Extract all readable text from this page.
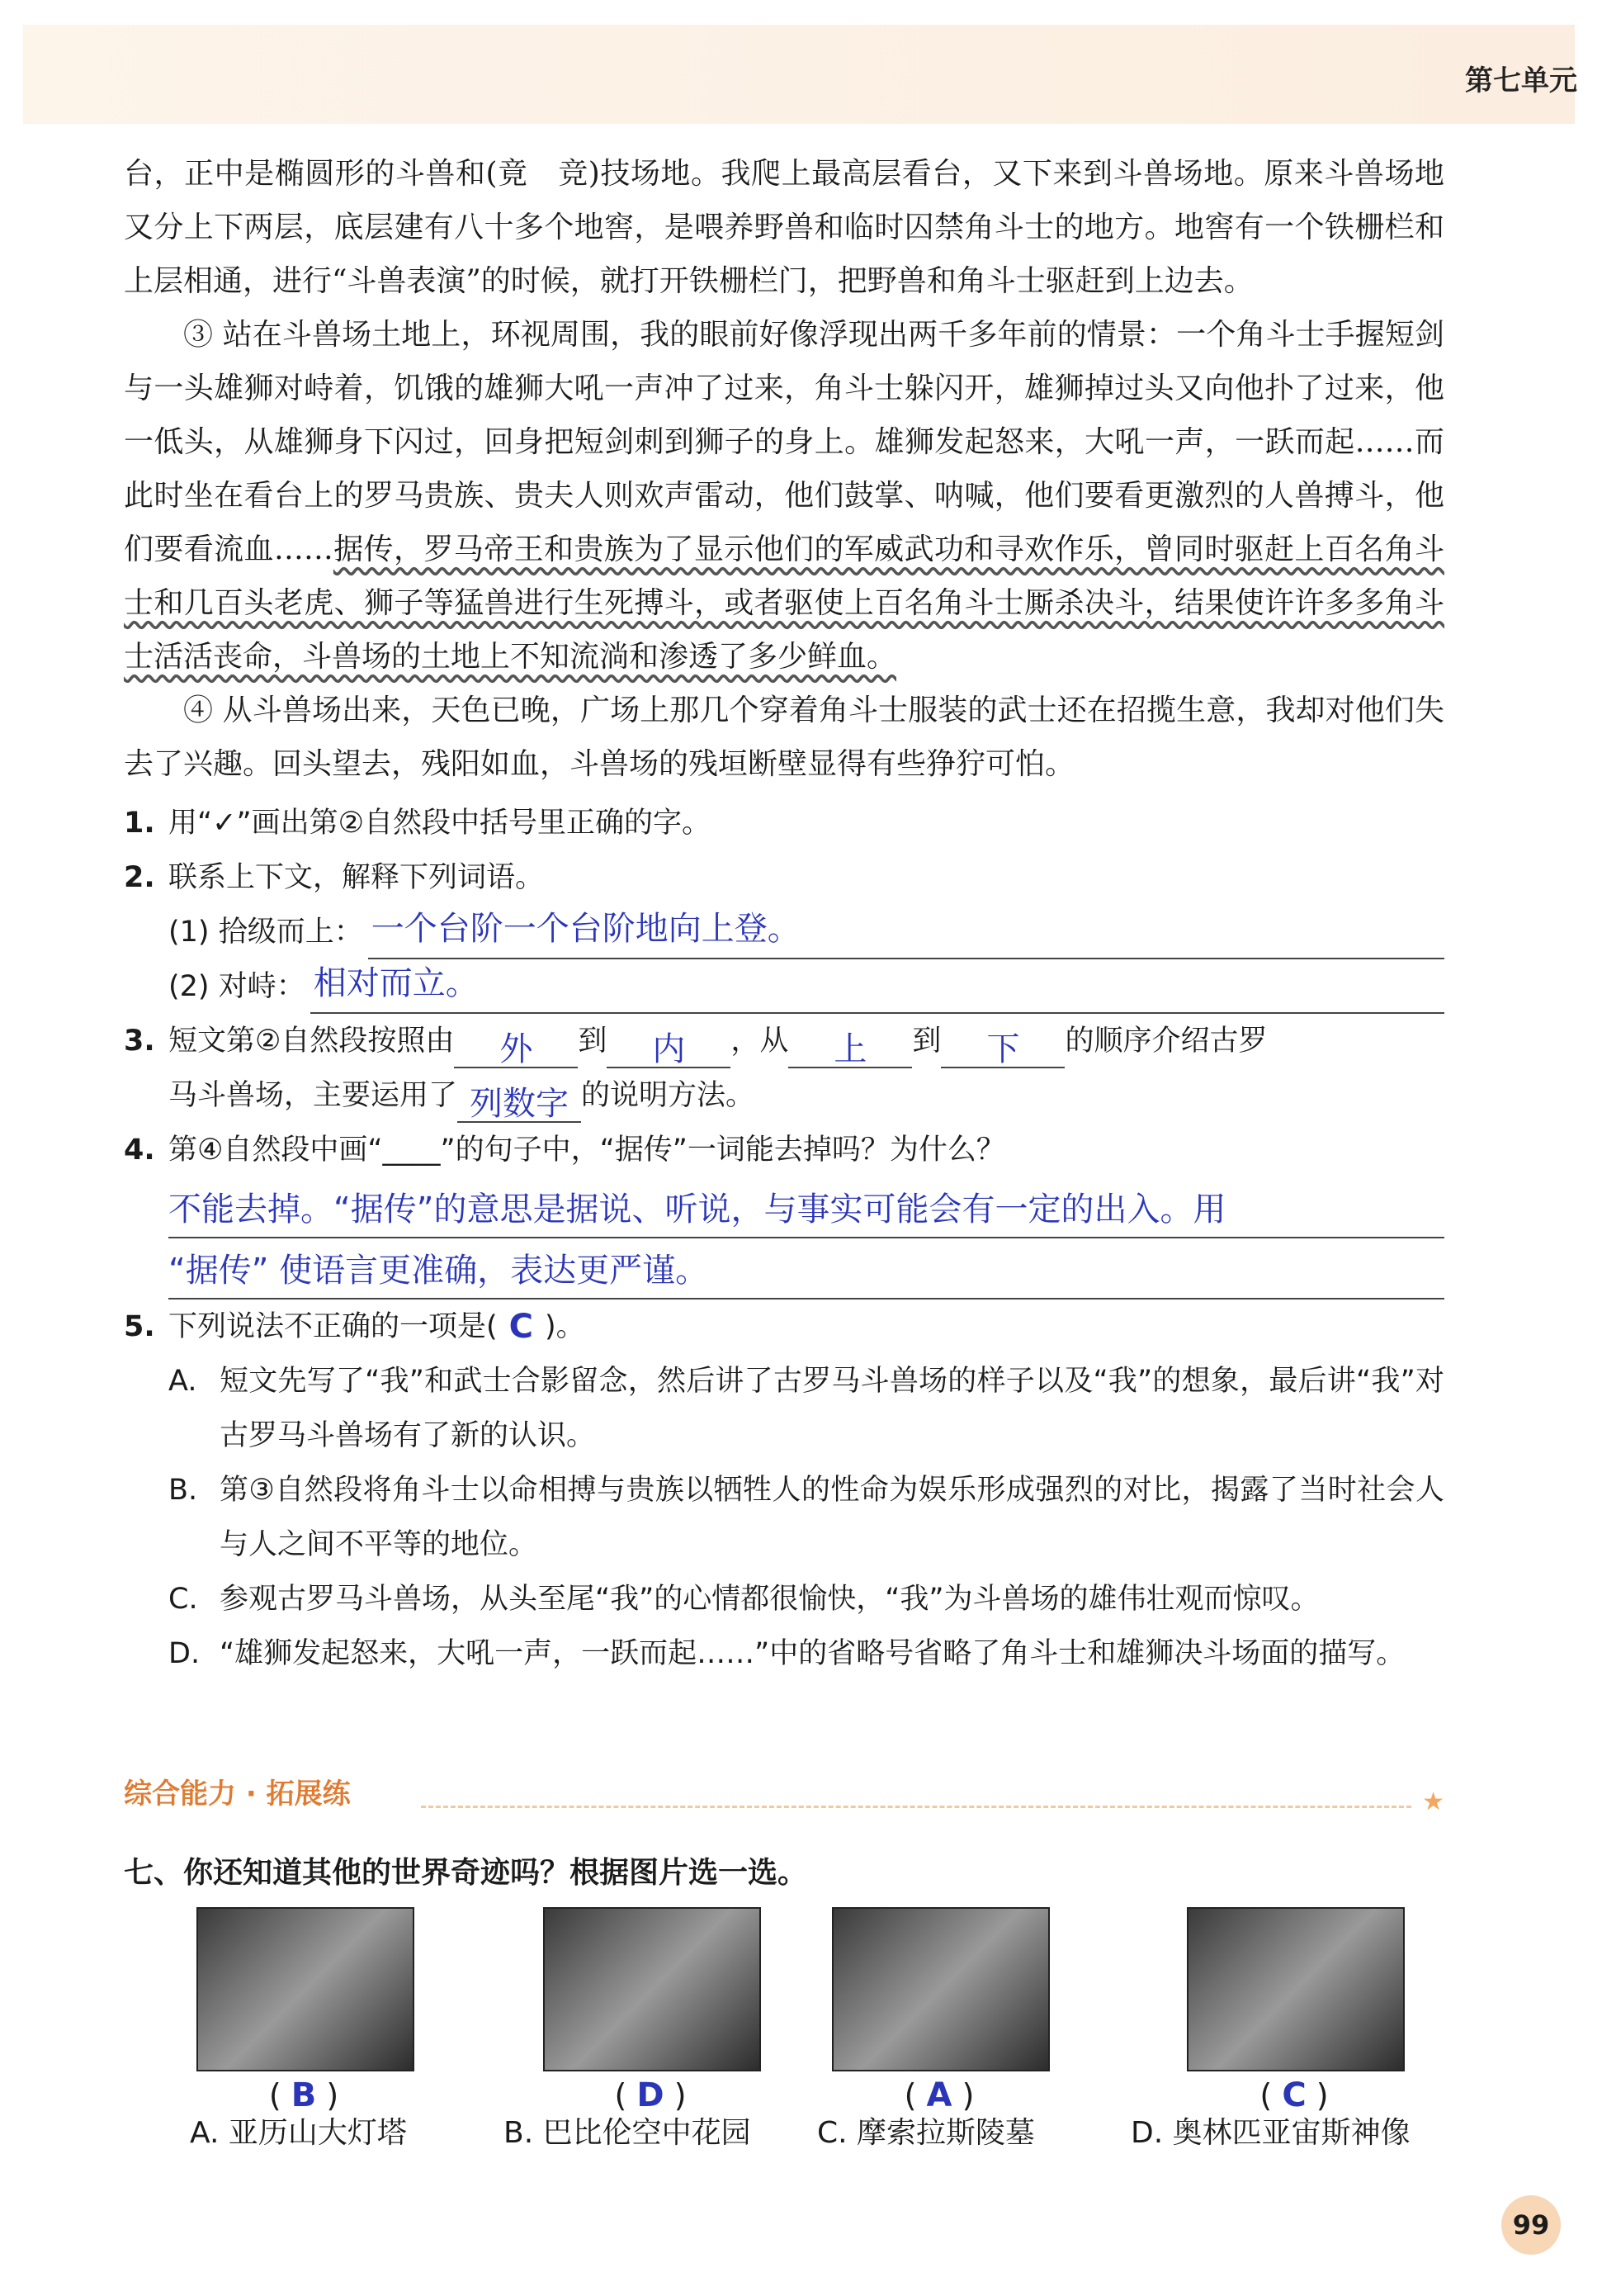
第七单元

台，正中是椭圆形的斗兽和(竟　竞)技场地。我爬上最高层看台，又下来到斗兽场地。原来斗兽场地又分上下两层，底层建有八十多个地窖，是喂养野兽和临时囚禁角斗士的地方。地窖有一个铁栅栏和上层相通，进行“斗兽表演”的时候，就打开铁栅栏门，把野兽和角斗士驱赶到上边去。

③ 站在斗兽场土地上，环视周围，我的眼前好像浮现出两千多年前的情景：一个角斗士手握短剑与一头雄狮对峙着，饥饿的雄狮大吼一声冲了过来，角斗士躲闪开，雄狮掉过头又向他扑了过来，他一低头，从雄狮身下闪过，回身把短剑刺到狮子的身上。雄狮发起怒来，大吼一声，一跃而起……而此时坐在看台上的罗马贵族、贵夫人则欢声雷动，他们鼓掌、呐喊，他们要看更激烈的人兽搏斗，他们要看流血……据传，罗马帝王和贵族为了显示他们的军威武功和寻欢作乐，曾同时驱赶上百名角斗士和几百头老虎、狮子等猛兽进行生死搏斗，或者驱使上百名角斗士厮杀决斗，结果使许许多多角斗士活活丧命，斗兽场的土地上不知流淌和渗透了多少鲜血。

④ 从斗兽场出来，天色已晚，广场上那几个穿着角斗士服装的武士还在招揽生意，我却对他们失去了兴趣。回头望去，残阳如血，斗兽场的残垣断壁显得有些狰狞可怕。

1. 用“✓”画出第②自然段中括号里正确的字。
2. 联系上下文，解释下列词语。
(1) 拾级而上： 一个台阶一个台阶地向上登。
(2) 对峙： 相对而立。
3. 短文第②自然段按照由 外 到 内 ，从 上 到 下 的顺序介绍古罗
马斗兽场，主要运用了 列数字 的说明方法。
4. 第④自然段中画“____”的句子中，“据传”一词能去掉吗？为什么？
不能去掉。“据传”的意思是据说、听说，与事实可能会有一定的出入。用
“据传” 使语言更准确，表达更严谨。
5. 下列说法不正确的一项是( C )。
A. 短文先写了“我”和武士合影留念，然后讲了古罗马斗兽场的样子以及“我”的想象，最后讲“我”对古罗马斗兽场有了新的认识。
B. 第③自然段将角斗士以命相搏与贵族以牺牲人的性命为娱乐形成强烈的对比，揭露了当时社会人与人之间不平等的地位。
C. 参观古罗马斗兽场，从头至尾“我”的心情都很愉快，“我”为斗兽场的雄伟壮观而惊叹。
D. “雄狮发起怒来，大吼一声，一跃而起……”中的省略号省略了角斗士和雄狮决斗场面的描写。
综合能力 · 拓展练	★
七、你还知道其他的世界奇迹吗？根据图片选一选。
( B )	( D )	( A )	( C )
A. 亚历山大灯塔	B. 巴比伦空中花园 C. 摩索拉斯陵墓	D. 奥林匹亚宙斯神像
99
